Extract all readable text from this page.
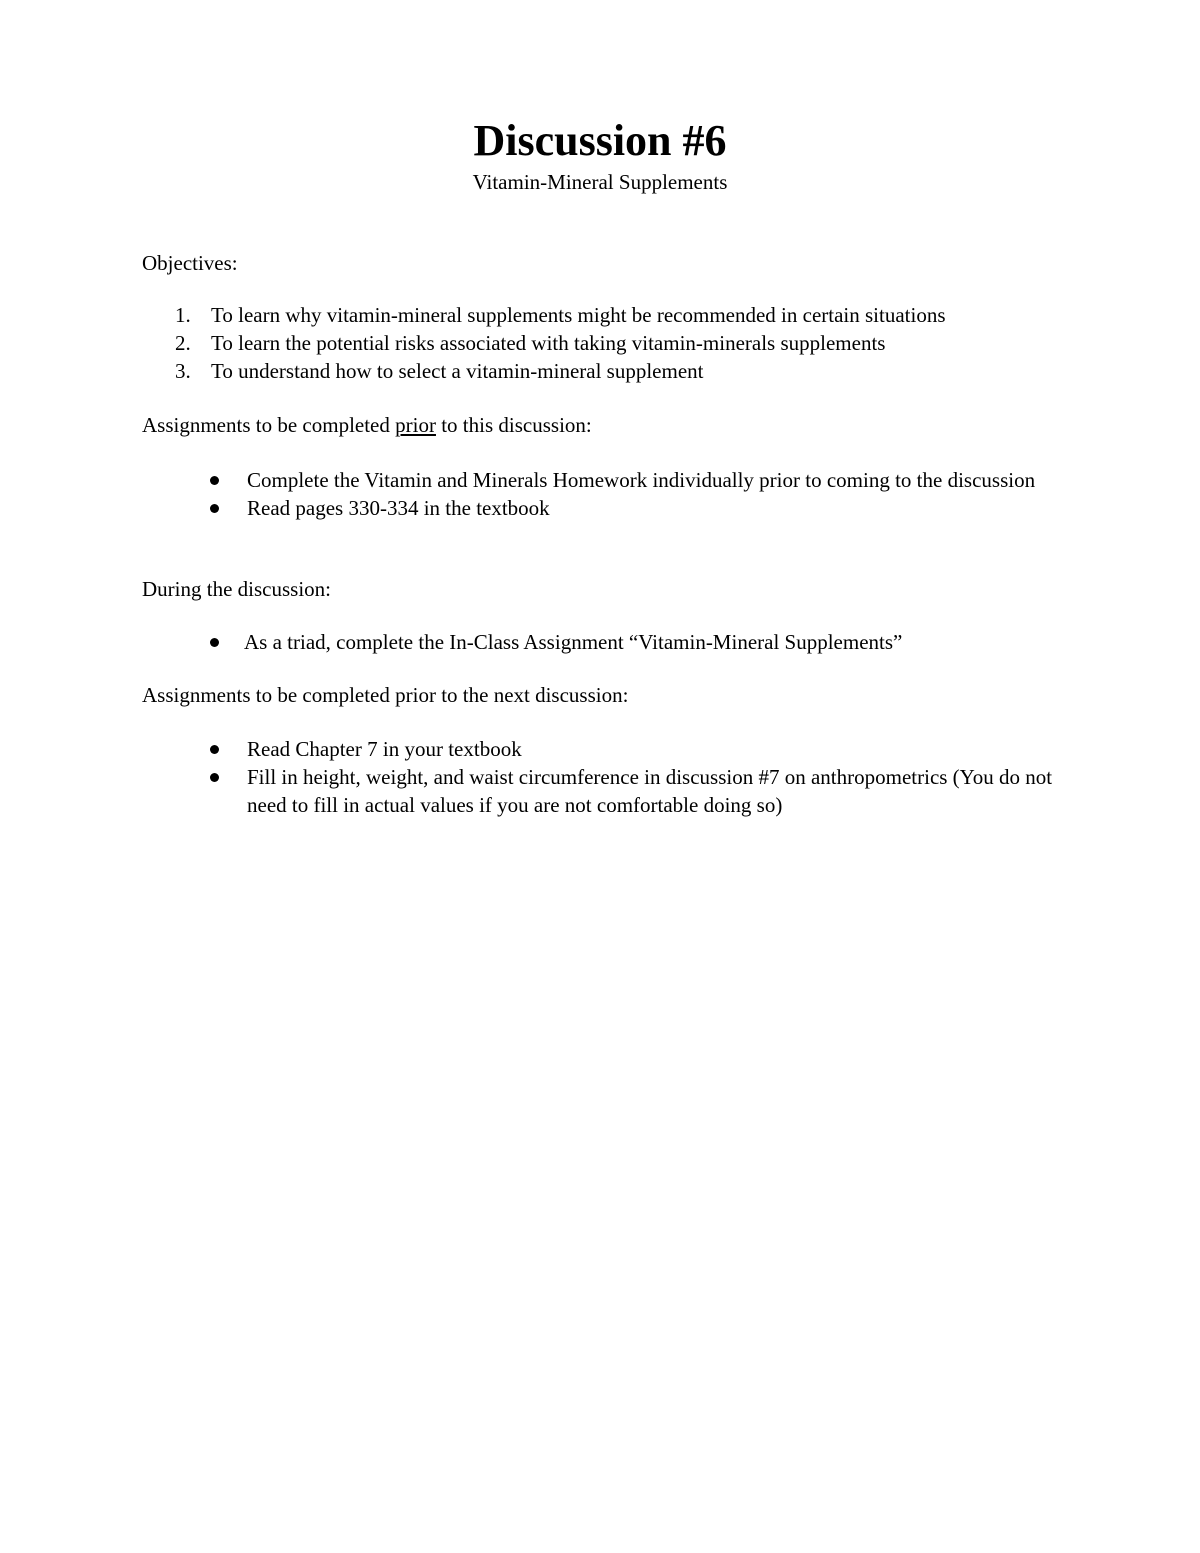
Discussion #6
Vitamin-Mineral Supplements

Objectives:

1. To learn why vitamin-mineral supplements might be recommended in certain situations
2. To learn the potential risks associated with taking vitamin-minerals supplements
3. To understand how to select a vitamin-mineral supplement

Assignments to be completed prior to this discussion:

Complete the Vitamin and Minerals Homework individually prior to coming to the discussion
Read pages 330-334 in the textbook

During the discussion:

As a triad, complete the In-Class Assignment “Vitamin-Mineral Supplements”

Assignments to be completed prior to the next discussion:

Read Chapter 7 in your textbook
Fill in height, weight, and waist circumference in discussion #7 on anthropometrics (You do not need to fill in actual values if you are not comfortable doing so)
